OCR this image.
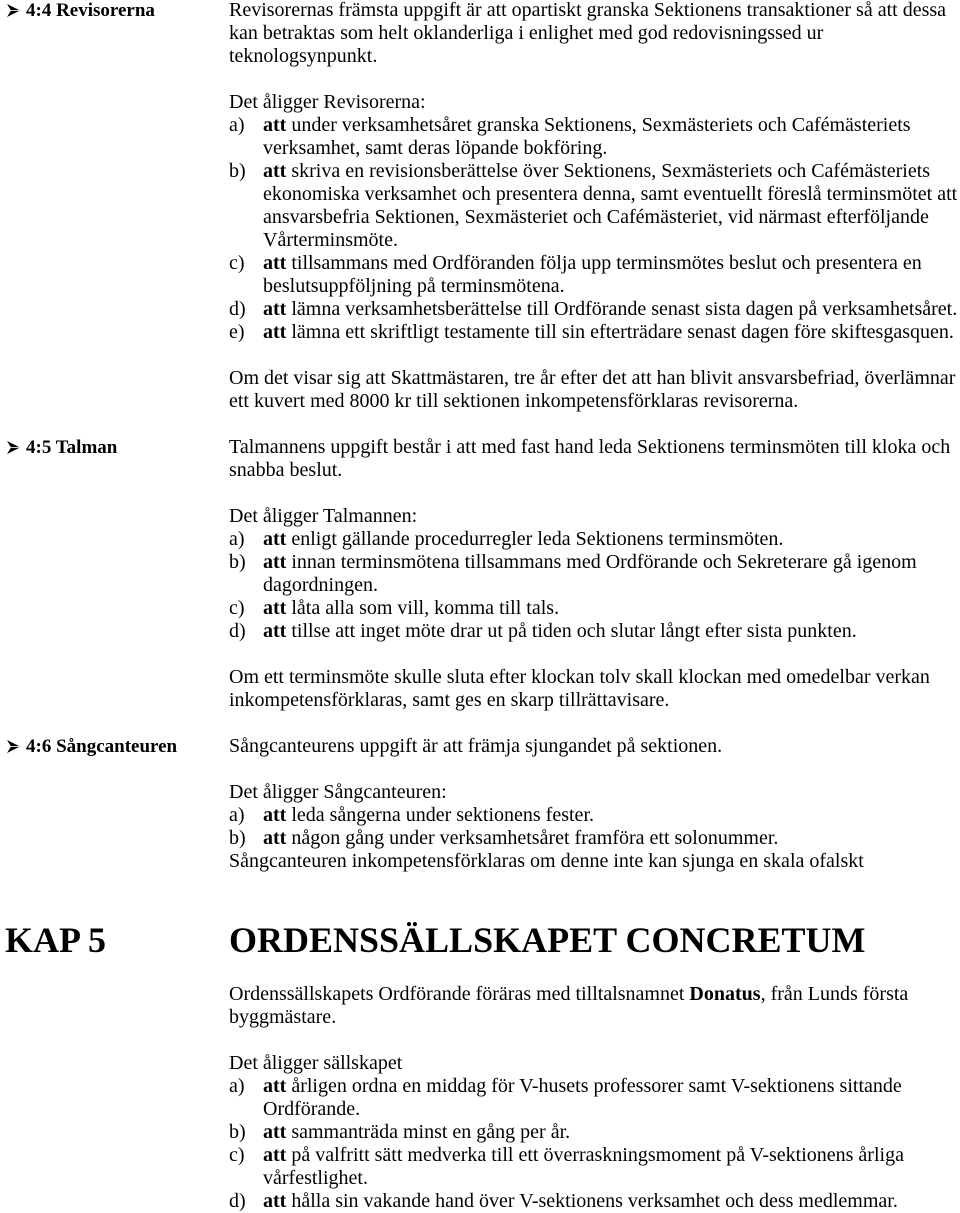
4:4 Revisorerna	Revisorernas främsta uppgift är att opartiskt granska Sektionens transaktioner så att dessa
kan betraktas som helt oklanderliga i enlighet med god redovisningssed ur
teknologsynpunkt.
Det åligger Revisorerna:
a) att under verksamhetsåret granska Sektionens, Sexmästeriets och Cafémästeriets
verksamhet, samt deras löpande bokföring.
b) att skriva en revisionsberättelse över Sektionens, Sexmästeriets och Cafémästeriets
ekonomiska verksamhet och presentera denna, samt eventuellt föreslå terminsmötet att
ansvarsbefria Sektionen, Sexmästeriet och Cafémästeriet, vid närmast efterföljande
Vårterminsmöte.
c) att tillsammans med Ordföranden följa upp terminsmötes beslut och presentera en
beslutsuppföljning på terminsmötena.
d) att lämna verksamhetsberättelse till Ordförande senast sista dagen på verksamhetsåret.
e) att lämna ett skriftligt testamente till sin efterträdare senast dagen före skiftesgasquen.
Om det visar sig att Skattmästaren, tre år efter det att han blivit ansvarsbefriad, överlämnar
ett kuvert med 8000 kr till sektionen inkompetensförklaras revisorerna.
4:5 Talman	Talmannens uppgift består i att med fast hand leda Sektionens terminsmöten till kloka och
snabba beslut.
Det åligger Talmannen:
a) att enligt gällande procedurregler leda Sektionens terminsmöten.
b) att innan terminsmötena tillsammans med Ordförande och Sekreterare gå igenom
dagordningen.
c) att låta alla som vill, komma till tals.
d) att tillse att inget möte drar ut på tiden och slutar långt efter sista punkten.
Om ett terminsmöte skulle sluta efter klockan tolv skall klockan med omedelbar verkan
inkompetensförklaras, samt ges en skarp tillrättavisare.
4:6 Sångcanteuren	Sångcanteurens uppgift är att främja sjungandet på sektionen.
Det åligger Sångcanteuren:
a) att leda sångerna under sektionens fester.
b) att någon gång under verksamhetsåret framföra ett solonummer.
Sångcanteuren inkompetensförklaras om denne inte kan sjunga en skala ofalskt
KAP 5	ORDENSSÄLLSKAPET CONCRETUM
Ordenssällskapets Ordförande föräras med tilltalsnamnet Donatus, från Lunds första
byggmästare.
Det åligger sällskapet
a) att årligen ordna en middag för V-husets professorer samt V-sektionens sittande
Ordförande.
b) att sammanträda minst en gång per år.
c) att på valfritt sätt medverka till ett överraskningsmoment på V-sektionens årliga
vårfestlighet.
d) att hålla sin vakande hand över V-sektionens verksamhet och dess medlemmar.
